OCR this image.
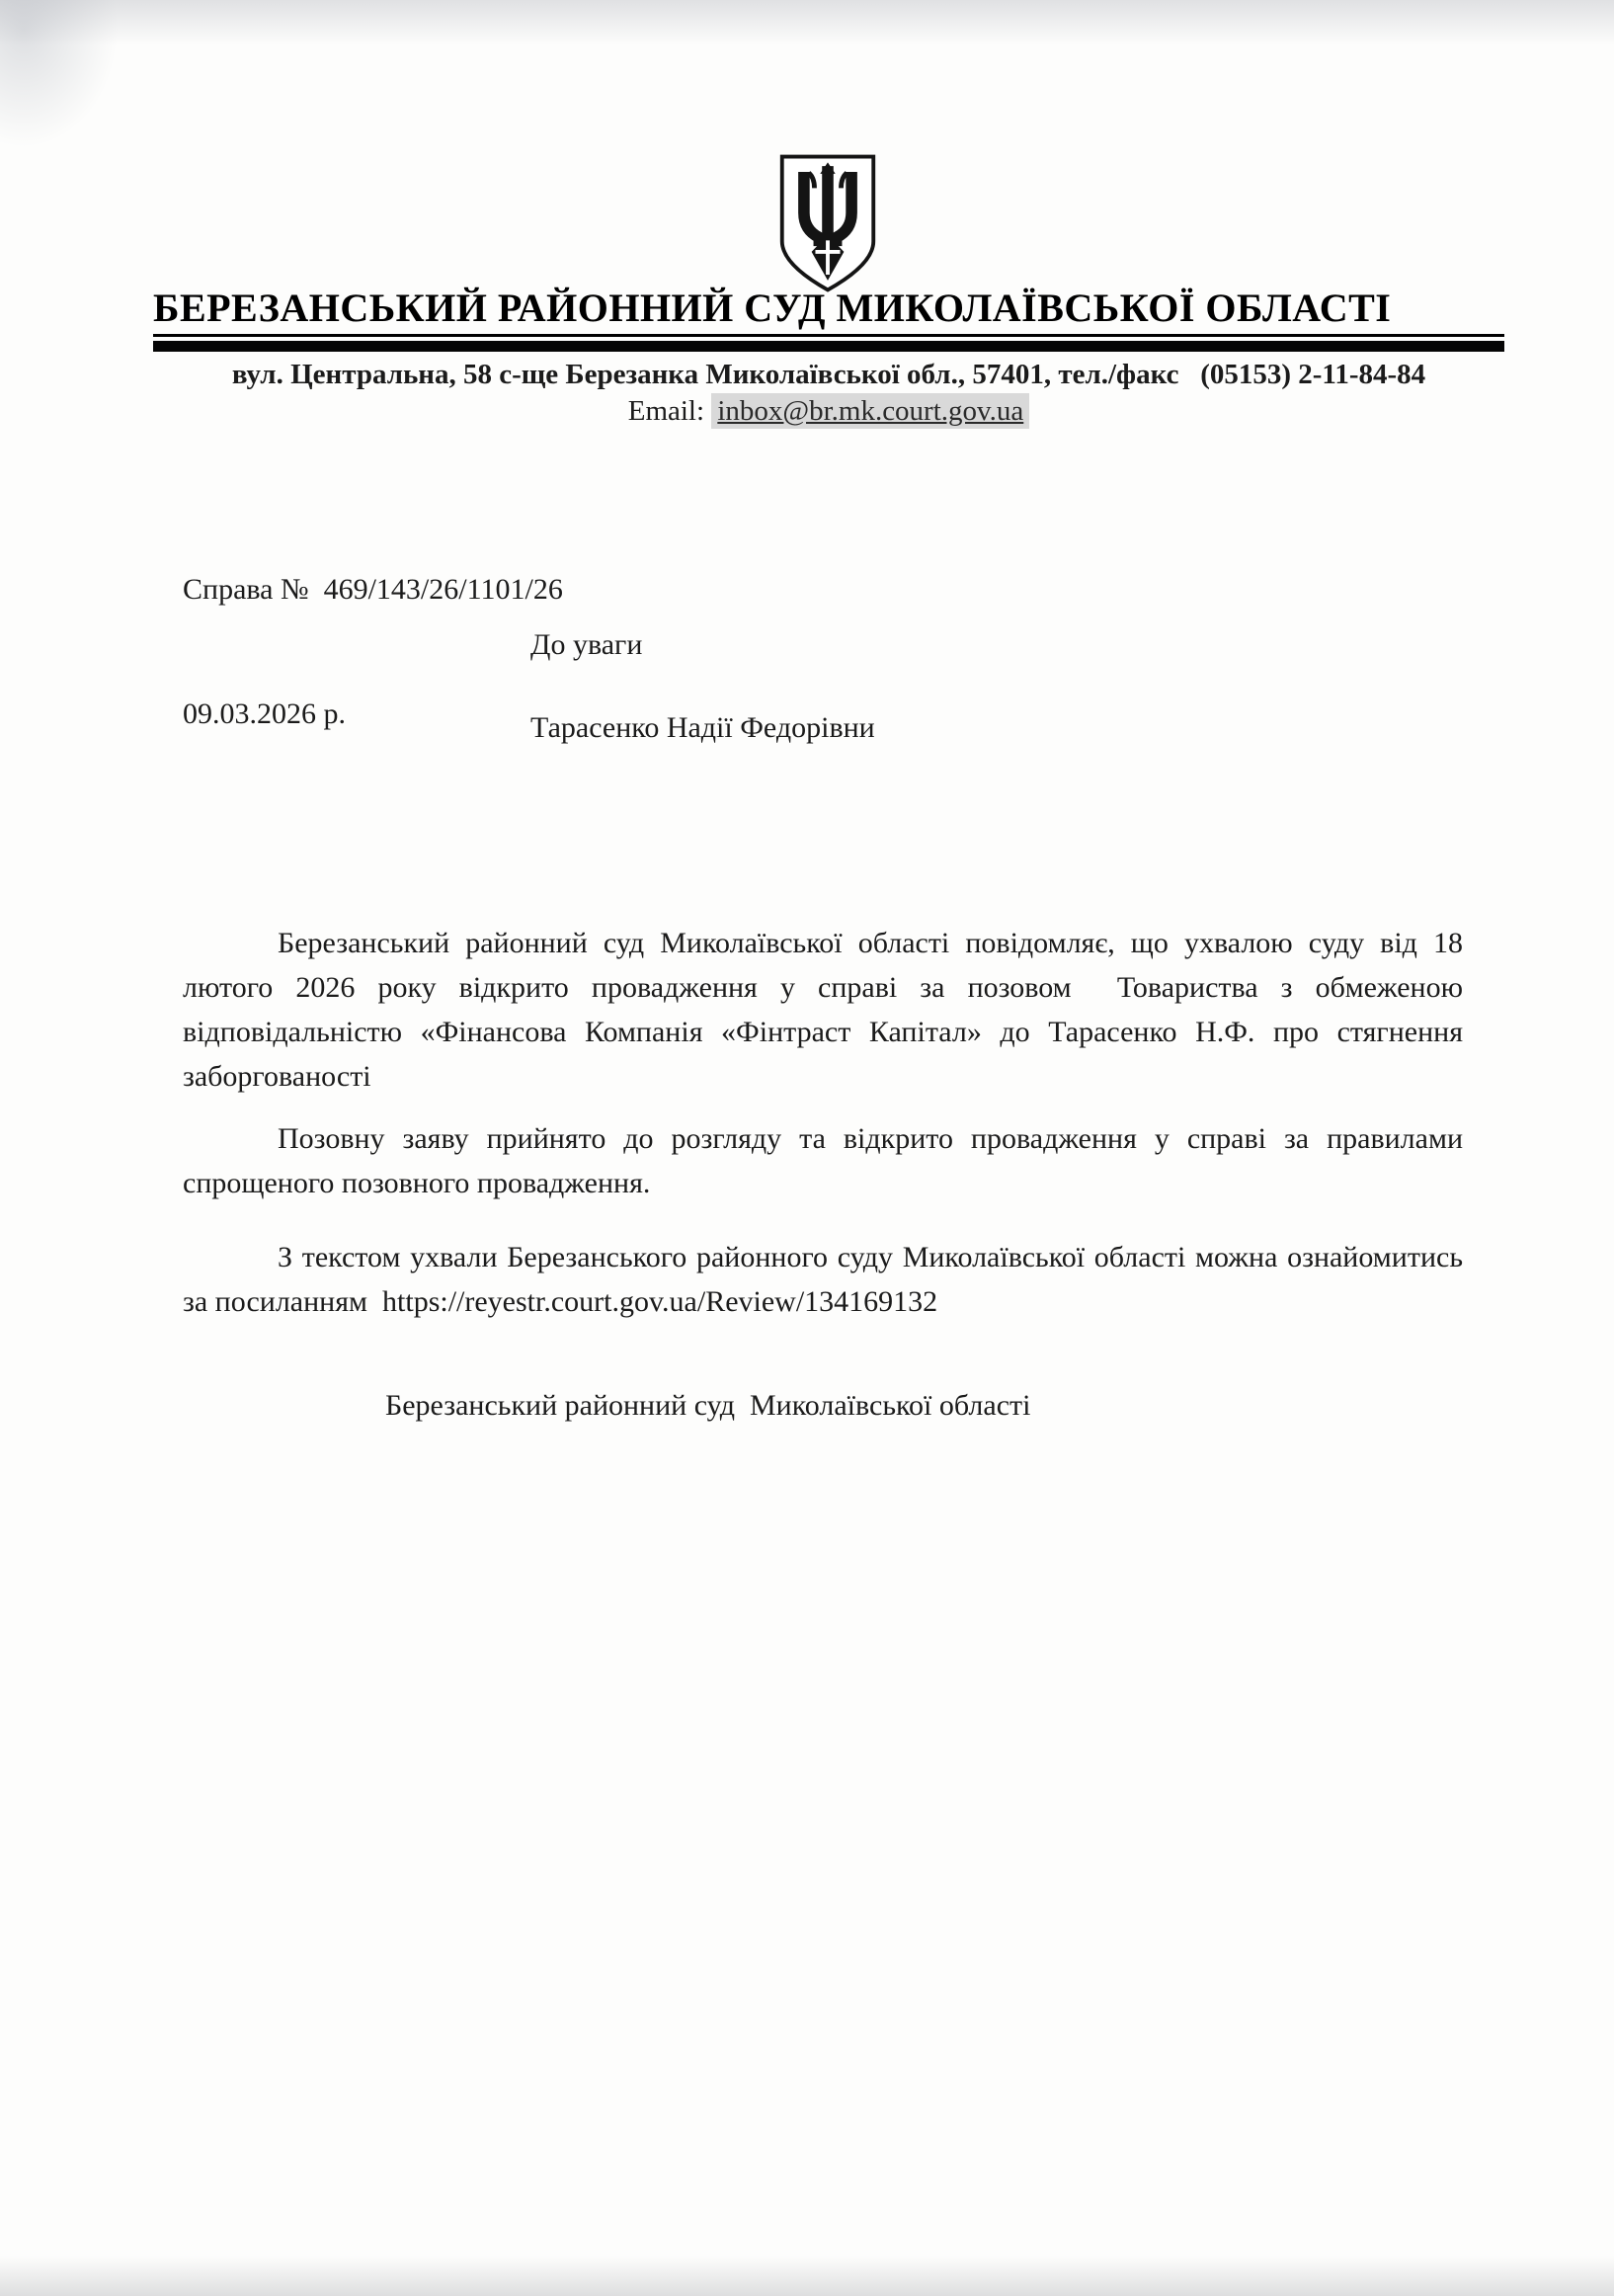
БЕРЕЗАНСЬКИЙ РАЙОННИЙ СУД МИКОЛАЇВСЬКОЇ ОБЛАСТІ
вул. Центральна, 58 с-ще Березанка Миколаївської обл., 57401, тел./факс   (05153) 2-11-84-84
Email: inbox@br.mk.court.gov.ua

Справа №  469/143/26/1101/26

09.03.2026 р.

До уваги
Тарасенко Надії Федорівни

Березанський районний суд Миколаївської області повідомляє, що ухвалою суду від 18 лютого 2026 року відкрито провадження у справі за позовом  Товариства з обмеженою відповідальністю «Фінансова Компанія «Фінтраст Капітал» до Тарасенко Н.Ф. про стягнення заборгованості

Позовну заяву прийнято до розгляду та відкрито провадження у справі за правилами спрощеного позовного провадження.

З текстом ухвали Березанського районного суду Миколаївської області можна ознайомитись за посиланням  https://reyestr.court.gov.ua/Review/134169132

Березанський районний суд  Миколаївської області
